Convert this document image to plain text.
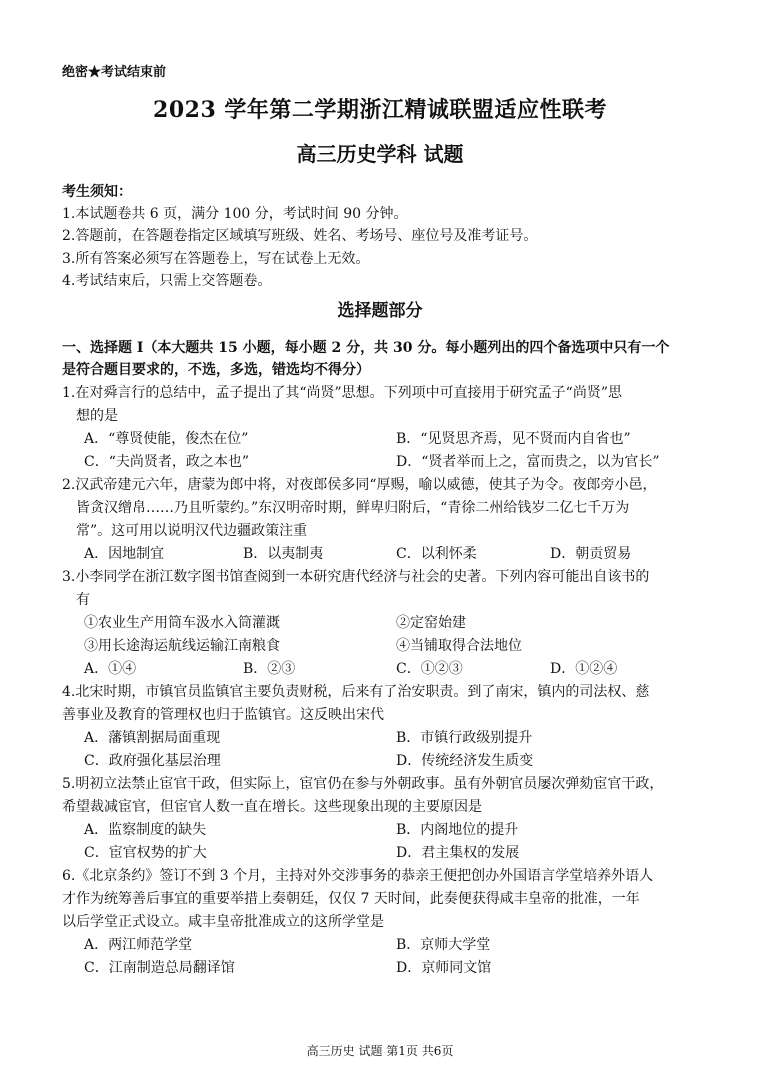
绝密★考试结束前
2023 学年第二学期浙江精诚联盟适应性联考
高三历史学科 试题
考生须知：
1.本试题卷共 6 页，满分 100 分，考试时间 90 分钟。
2.答题前，在答题卷指定区域填写班级、姓名、考场号、座位号及准考证号。
3.所有答案必须写在答题卷上，写在试卷上无效。
4.考试结束后，只需上交答题卷。
选择题部分
一、选择题 I（本大题共 15 小题，每小题 2 分，共 30 分。每小题列出的四个备选项中只有一个
是符合题目要求的，不选，多选，错选均不得分）
1.在对舜言行的总结中，孟子提出了其“尚贤”思想。下列项中可直接用于研究孟子“尚贤”思
想的是
A．“尊贤使能，俊杰在位”	B．“见贤思齐焉，见不贤而内自省也”
C．“夫尚贤者，政之本也”	D．“贤者举而上之，富而贵之，以为官长”
2.汉武帝建元六年，唐蒙为郎中将，对夜郎侯多同“厚赐，喻以威德，使其子为令。夜郎旁小邑，
皆贪汉缯帛……乃且听蒙约。”东汉明帝时期，鲜卑归附后，“青徐二州给钱岁二亿七千万为
常”。这可用以说明汉代边疆政策注重
A．因地制宜	B．以夷制夷	C．以利怀柔	D．朝贡贸易
3.小李同学在浙江数字图书馆查阅到一本研究唐代经济与社会的史著。下列内容可能出自该书的
有
①农业生产用筒车汲水入筒灌溉	②定窑始建
③用长途海运航线运输江南粮食	④当铺取得合法地位
A．①④	B．②③	C．①②③	D．①②④
4.北宋时期，市镇官员监镇官主要负责财税，后来有了治安职责。到了南宋，镇内的司法权、慈
善事业及教育的管理权也归于监镇官。这反映出宋代
A．藩镇割据局面重现	B．市镇行政级别提升
C．政府强化基层治理	D．传统经济发生质变
5.明初立法禁止宦官干政，但实际上，宦官仍在参与外朝政事。虽有外朝官员屡次弹劾宦官干政，
希望裁减宦官，但宦官人数一直在增长。这些现象出现的主要原因是
A．监察制度的缺失	B．内阁地位的提升
C．宦官权势的扩大	D．君主集权的发展
6.《北京条约》签订不到 3 个月，主持对外交涉事务的恭亲王便把创办外国语言学堂培养外语人
才作为统筹善后事宜的重要举措上奏朝廷，仅仅 7 天时间，此奏便获得咸丰皇帝的批准，一年
以后学堂正式设立。咸丰皇帝批准成立的这所学堂是
A．两江师范学堂	B．京师大学堂
C．江南制造总局翻译馆	D．京师同文馆
高三历史 试题 第1页 共6页
